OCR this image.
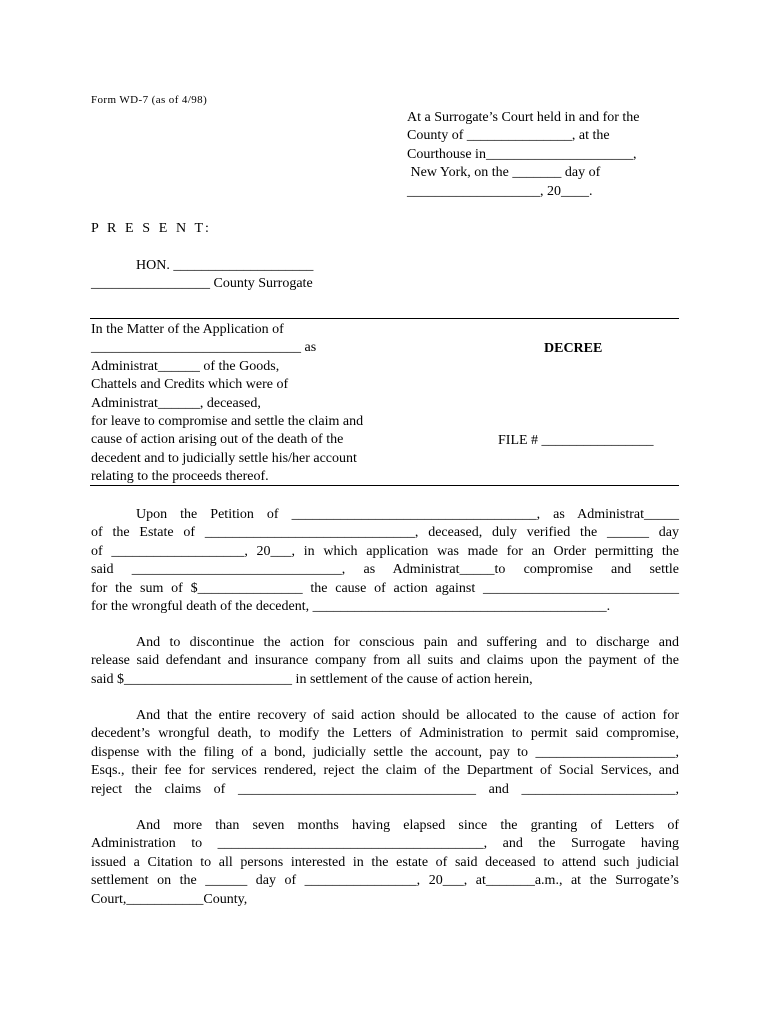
Form WD-7 (as of 4/98)
At a Surrogate’s Court held in and for the
County of _______________, at the
Courthouse in_____________________,
New York, on the _______ day of
___________________, 20____.
P R E S E N T:
HON. ____________________
_________________ County Surrogate
In the Matter of the Application of
______________________________ as
Administrat______ of the Goods,
Chattels and Credits which were of
Administrat______, deceased,
for leave to compromise and settle the claim and
cause of action arising out of the death of the
decedent and to judicially settle his/her account
relating to the proceeds thereof.
DECREE
FILE # ________________
Upon the Petition of ___________________________________, as Administrat_____
of the Estate of ______________________________, deceased, duly verified the ______ day
of ___________________, 20___, in which application was made for an Order permitting the
said ______________________________, as Administrat_____to compromise and settle
for the sum of $_______________ the cause of action against ____________________________
for the wrongful death of the decedent, __________________________________________.
And to discontinue the action for conscious pain and suffering and to discharge and
release said defendant and insurance company from all suits and claims upon the payment of the
said $________________________ in settlement of the cause of action herein,
And that the entire recovery of said action should be allocated to the cause of action for
decedent’s wrongful death, to modify the Letters of Administration to permit said compromise,
dispense with the filing of a bond, judicially settle the account, pay to ____________________,
Esqs., their fee for services rendered, reject the claim of the Department of Social Services, and
reject the claims of __________________________________ and ______________________,
And more than seven months having elapsed since the granting of Letters of
Administration to ______________________________________, and the Surrogate having
issued a Citation to all persons interested in the estate of said deceased to attend such judicial
settlement on the ______ day of ________________, 20___, at_______a.m., at the Surrogate’s
Court,___________County,
